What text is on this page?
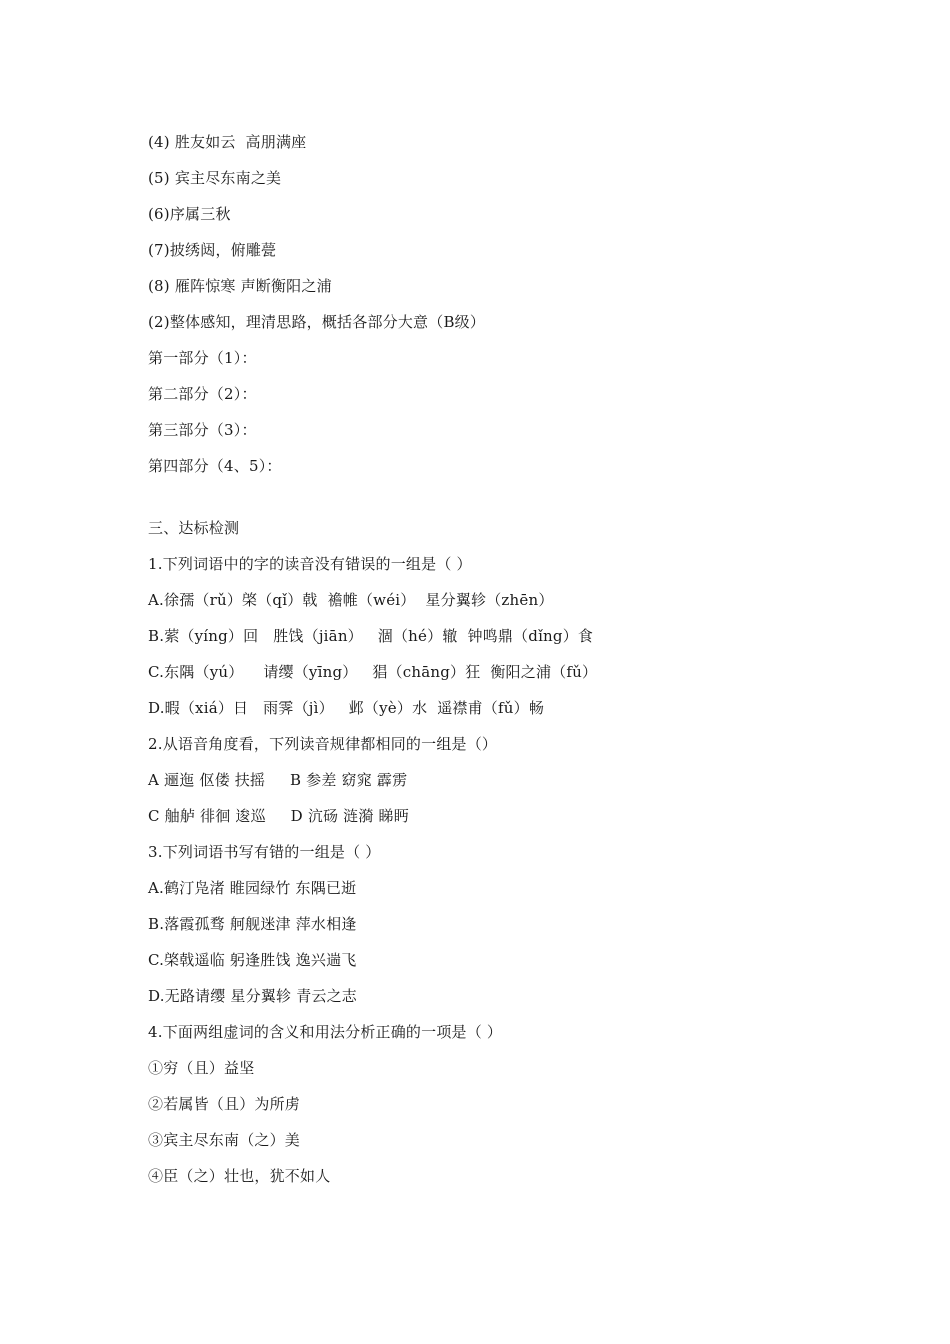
(4) 胜友如云  高朋满座
(5) 宾主尽东南之美
(6)序属三秋
(7)披绣闼，俯雕甍
(8) 雁阵惊寒 声断衡阳之浦
(2)整体感知，理清思路，概括各部分大意（B级）
第一部分（1）：
第二部分（2）：
第三部分（3）：
第四部分（4、5）：
三、达标检测
1.下列词语中的字的读音没有错误的一组是（ ）
A.徐孺（rǔ）棨（qǐ）戟  襜帷（wéi）  星分翼轸（zhēn）
B.萦（yíng）回   胜饯（jiān）   涸（hé）辙  钟鸣鼎（dǐng）食
C.东隅（yú）    请缨（yīng）   猖（chāng）狂  衡阳之浦（fǔ）
D.暇（xiá）日   雨霁（jì）   邺（yè）水  遥襟甫（fǔ）畅
2.从语音角度看，下列读音规律都相同的一组是（）
A 逦迤 伛偻 扶摇     B 参差 窈窕 霹雳
C 舳舻 徘徊 逡巡     D 沆砀 涟漪 睇眄
3.下列词语书写有错的一组是（ ）
A.鹤汀凫渚 睢园绿竹 东隅已逝
B.落霞孤骛 舸舰迷津 萍水相逢
C.棨戟遥临 躬逢胜饯 逸兴遄飞
D.无路请缨 星分翼轸 青云之志
4.下面两组虚词的含义和用法分析正确的一项是（ ）
①穷（且）益坚
②若属皆（且）为所虏
③宾主尽东南（之）美
④臣（之）壮也，犹不如人
